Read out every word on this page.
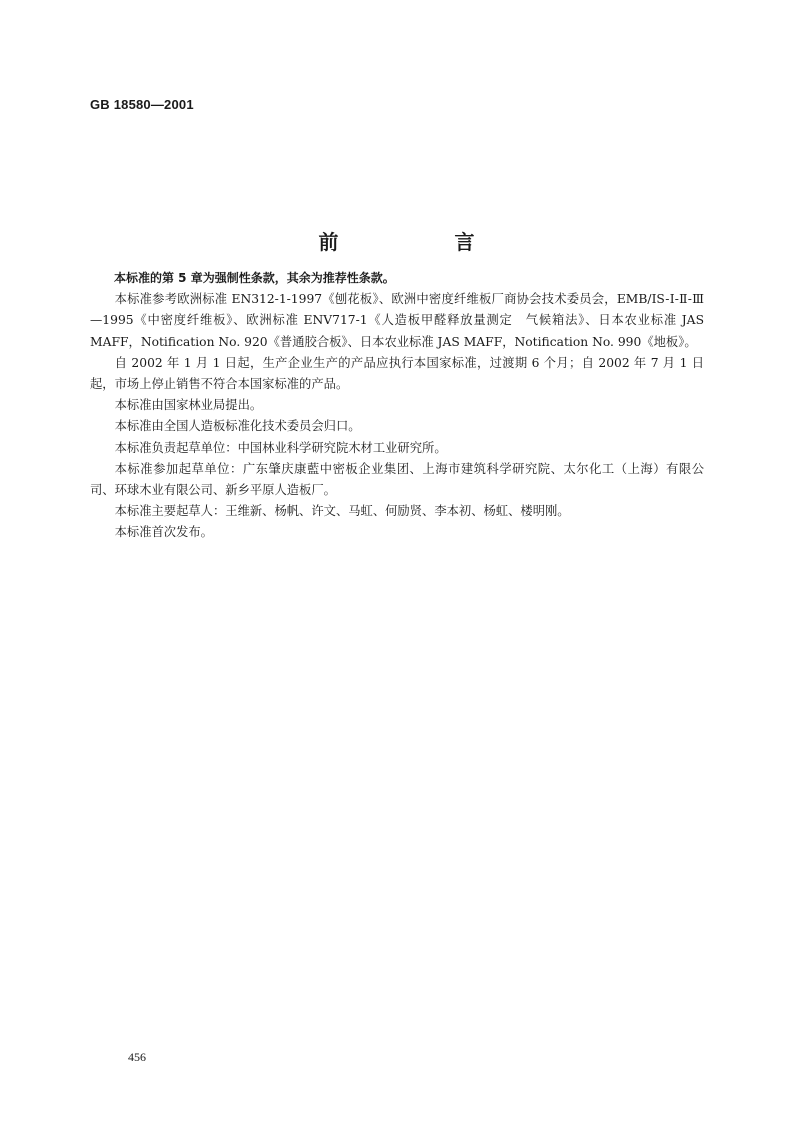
GB 18580—2001
前　言

本标准的第 5 章为强制性条款，其余为推荐性条款。

本标准参考欧洲标准 EN312-1-1997《刨花板》、欧洲中密度纤维板厂商协会技术委员会，EMB/IS-Ⅰ-Ⅱ-Ⅲ—1995《中密度纤维板》、欧洲标准 ENV717-1《人造板甲醛释放量测定　气候箱法》、日本农业标准 JAS MAFF，Notification No. 920《普通胶合板》、日本农业标准 JAS MAFF，Notification No. 990《地板》。

自 2002 年 1 月 1 日起，生产企业生产的产品应执行本国家标准，过渡期 6 个月；自 2002 年 7 月 1 日起，市场上停止销售不符合本国家标准的产品。

本标准由国家林业局提出。

本标准由全国人造板标准化技术委员会归口。

本标准负责起草单位：中国林业科学研究院木材工业研究所。

本标准参加起草单位：广东肇庆康藍中密板企业集团、上海市建筑科学研究院、太尔化工（上海）有限公司、环球木业有限公司、新乡平原人造板厂。

本标准主要起草人：王维新、杨帆、许文、马虹、何励贤、李本初、杨虹、楼明刚。

本标准首次发布。

456
